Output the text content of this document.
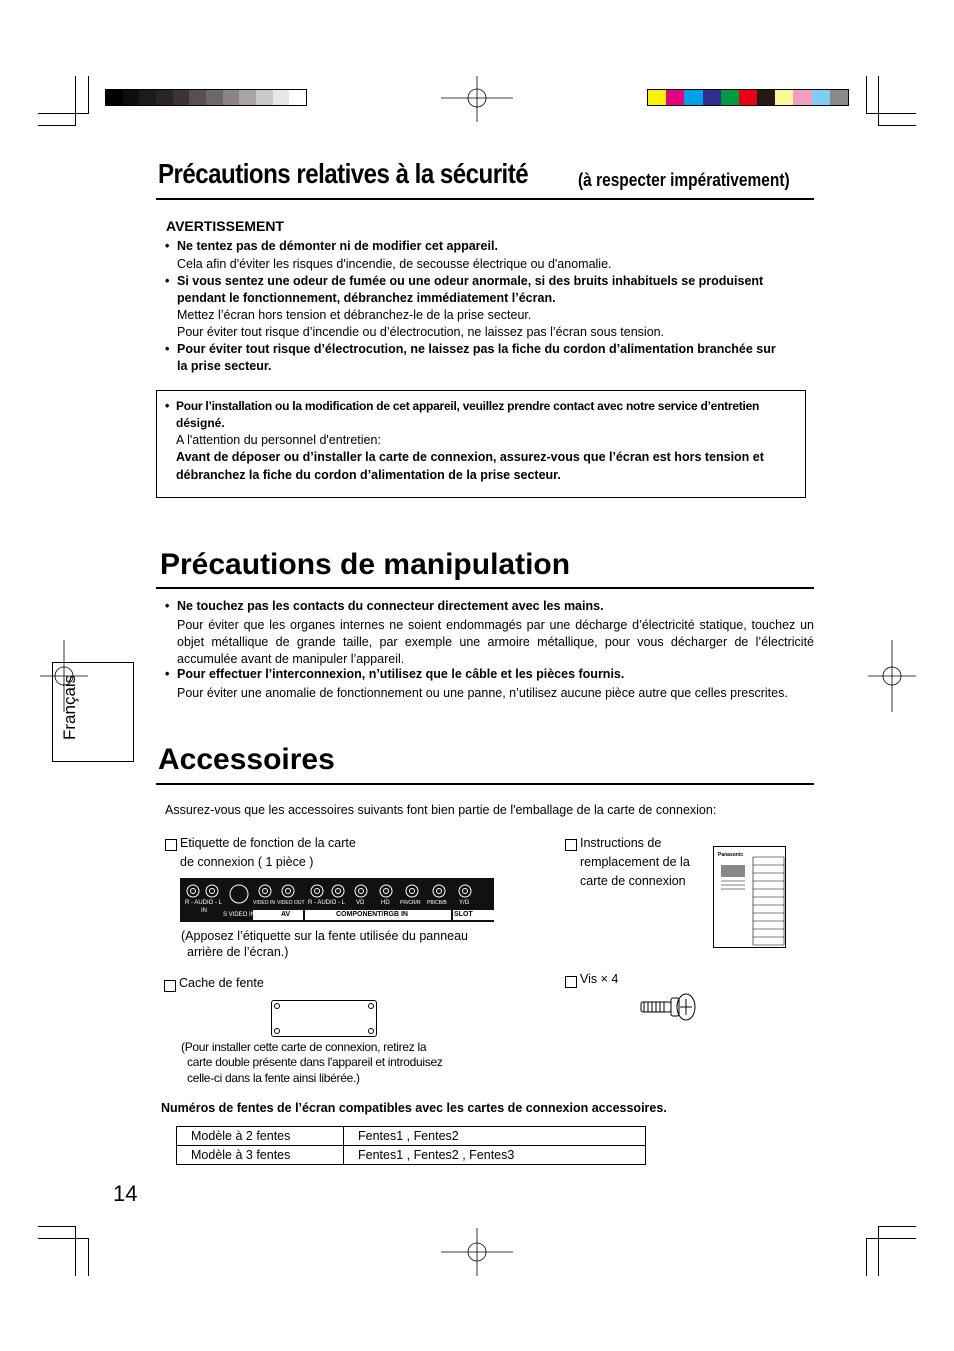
Précautions relatives à la sécurité	(à respecter impérativement)
AVERTISSEMENT
• Ne tentez pas de démonter ni de modifier cet appareil.
Cela afin d'éviter les risques d'incendie, de secousse électrique ou d'anomalie.
• Si vous sentez une odeur de fumée ou une odeur anormale, si des bruits inhabituels se produisent
pendant le fonctionnement, débranchez immédiatement l’écran.
Mettez l’écran hors tension et débranchez-le de la prise secteur.
Pour éviter tout risque d’incendie ou d’électrocution, ne laissez pas l’écran sous tension.
• Pour éviter tout risque d’électrocution, ne laissez pas la fiche du cordon d’alimentation branchée sur
la prise secteur.
• Pour l’installation ou la modification de cet appareil, veuillez prendre contact avec notre service d’entretien
désigné.
A l'attention du personnel d'entretien:
Avant de déposer ou d’installer la carte de connexion, assurez-vous que l’écran est hors tension et
débranchez la fiche du cordon d’alimentation de la prise secteur.
Précautions de manipulation
• Ne touchez pas les contacts du connecteur directement avec les mains.
Pour éviter que les organes internes ne soient endommagés par une décharge d’électricité statique, touchez un
objet métallique de grande taille, par exemple une armoire métallique, pour vous décharger de l’électricité
accumulée avant de manipuler l’appareil.
• Pour effectuer l’interconnexion, n’utilisez que le câble et les pièces fournis.
Pour éviter une anomalie de fonctionnement ou une panne, n’utilisez aucune pièce autre que celles prescrites.
Français
Accessoires
Assurez-vous que les accessoires suivants font bien partie de l'emballage de la carte de connexion:
Etiquette de fonction de la carte
de connexion ( 1 pièce )
R - AUDIO - L
IN
S VIDEO IN
VIDEO IN VIDEO OUT
AV
R - AUDIO - L VD	HD PR/CR/R PB/CB/B Y/G
COMPONENT/RGB IN	SLOT
(Apposez l’étiquette sur la fente utilisée du panneau
arrière de l’écran.)
Instructions de
remplacement de la
carte de connexion
Panasonic
Cache de fente
(Pour installer cette carte de connexion, retirez la
carte double présente dans l'appareil et introduisez
celle-ci dans la fente ainsi libérée.)
Vis × 4
Numéros de fentes de l’écran compatibles avec les cartes de connexion accessoires.
Modèle à 2 fentes	Fentes1 , Fentes2
Modèle à 3 fentes	Fentes1 , Fentes2 , Fentes3
14
